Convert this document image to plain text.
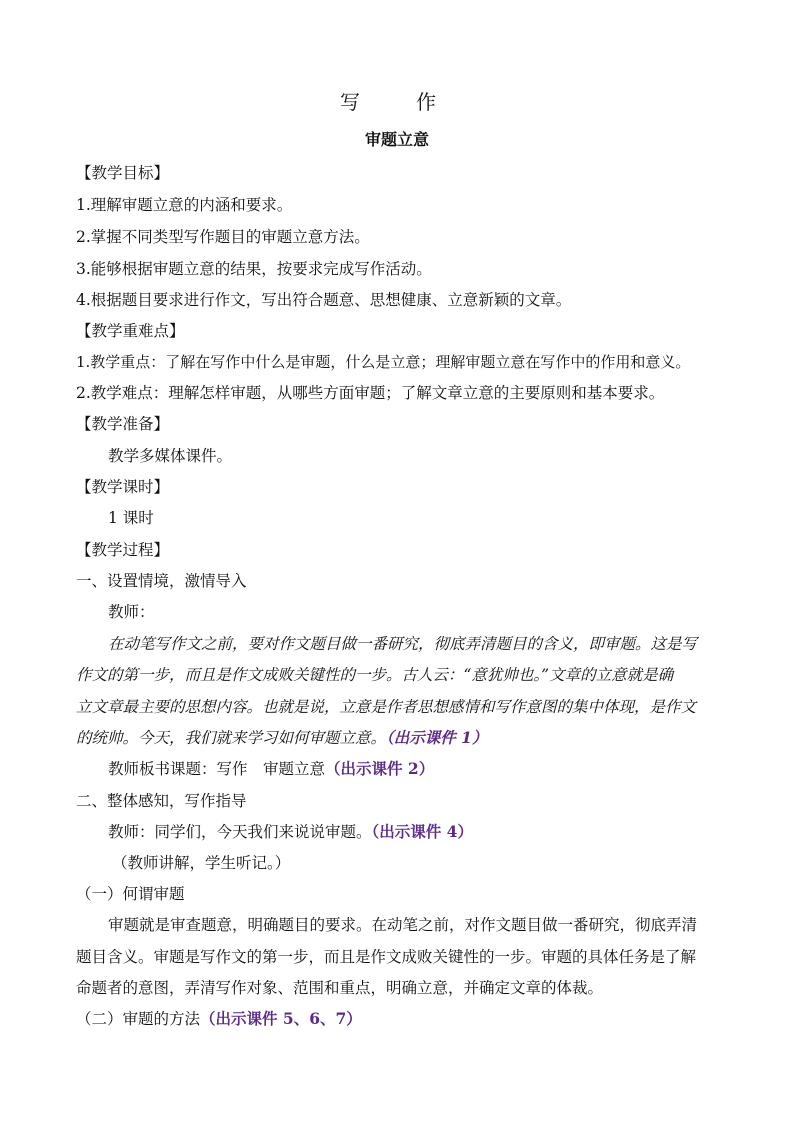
写　作
审题立意
【教学目标】
1.理解审题立意的内涵和要求。
2.掌握不同类型写作题目的审题立意方法。
3.能够根据审题立意的结果，按要求完成写作活动。
4.根据题目要求进行作文，写出符合题意、思想健康、立意新颖的文章。
【教学重难点】
1.教学重点：了解在写作中什么是审题，什么是立意；理解审题立意在写作中的作用和意义。
2.教学难点：理解怎样审题，从哪些方面审题；了解文章立意的主要原则和基本要求。
【教学准备】
教学多媒体课件。
【教学课时】
1 课时
【教学过程】
一、设置情境，激情导入
教师：
在动笔写作文之前，要对作文题目做一番研究，彻底弄清题目的含义，即审题。这是写
作文的第一步，而且是作文成败关键性的一步。古人云：“意犹帅也。”文章的立意就是确
立文章最主要的思想内容。也就是说，立意是作者思想感情和写作意图的集中体现，是作文
的统帅。今天，我们就来学习如何审题立意。（出示课件 1）
教师板书课题：写作　审题立意（出示课件 2）
二、整体感知，写作指导
教师：同学们，今天我们来说说审题。（出示课件 4）
（教师讲解，学生听记。）
（一）何谓审题
审题就是审查题意，明确题目的要求。在动笔之前，对作文题目做一番研究，彻底弄清
题目含义。审题是写作文的第一步，而且是作文成败关键性的一步。审题的具体任务是了解
命题者的意图，弄清写作对象、范围和重点，明确立意，并确定文章的体裁。
（二）审题的方法（出示课件 5、6、7）
